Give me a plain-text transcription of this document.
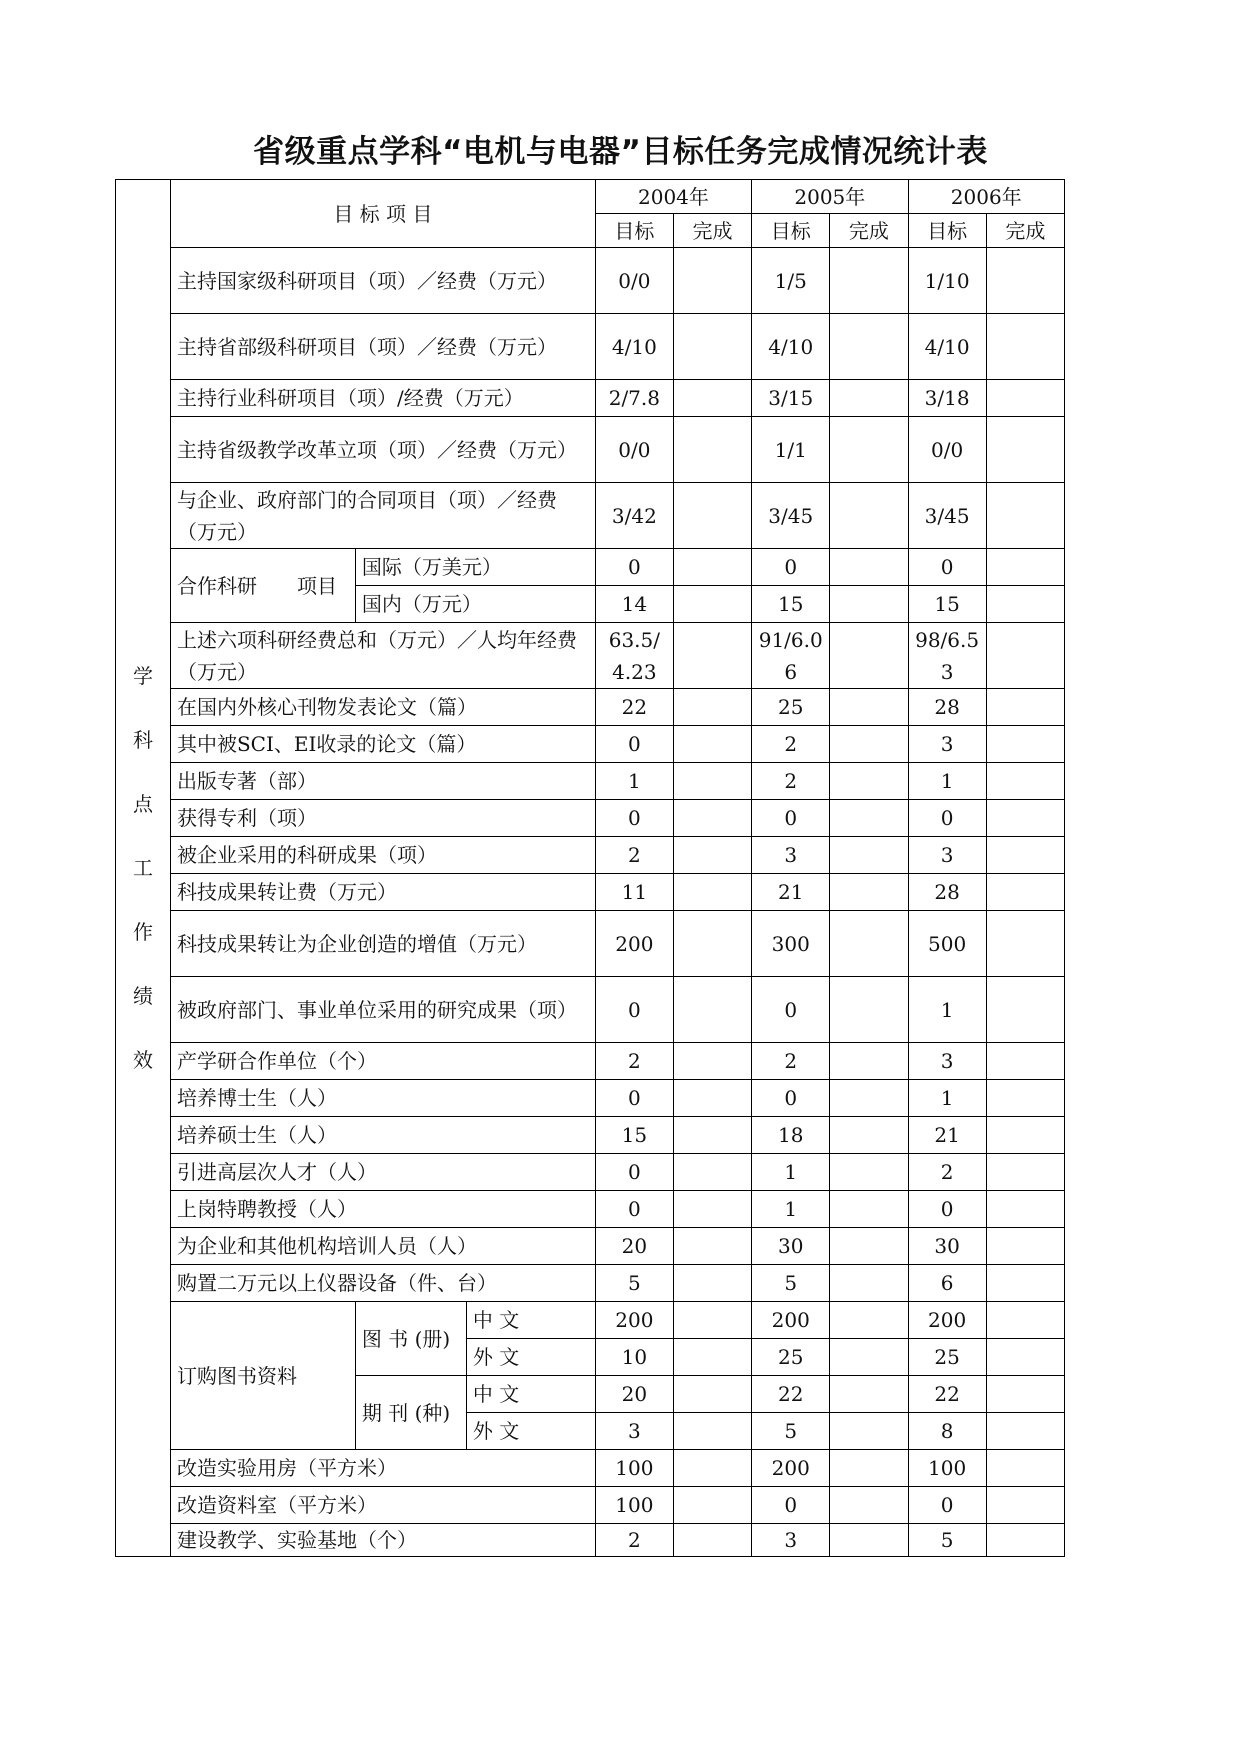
省级重点学科“电机与电器”目标任务完成情况统计表
学科点工作绩效	目 标 项 目			2004年		2005年		2006年	
				目标	完成	目标	完成	目标	完成
	主持国家级科研项目（项）／经费（万元）			0/0		1/5		1/10	
	主持省部级科研项目（项）／经费（万元）			4/10		4/10		4/10	
	主持行业科研项目（项）/经费（万元）			2/7.8		3/15		3/18	
	主持省级教学改革立项（项）／经费（万元）			0/0		1/1		0/0	
	与企业、政府部门的合同项目（项）／经费（万元）			3/42		3/45		3/45	
	合作科研　　项目	国际（万美元）		0		0		0	
		国内（万元）		14		15		15	
	上述六项科研经费总和（万元）／人均年经费（万元）			63.5/4.23		91/6.06		98/6.53	
	在国内外核心刊物发表论文（篇）			22		25		28	
	其中被SCI、EI收录的论文（篇）			0		2		3	
	出版专著（部）			1		2		1	
	获得专利（项）			0		0		0	
	被企业采用的科研成果（项）			2		3		3	
	科技成果转让费（万元）			11		21		28	
	科技成果转让为企业创造的增值（万元）			200		300		500	
	被政府部门、事业单位采用的研究成果（项）			0		0		1	
	产学研合作单位（个）			2		2		3	
	培养博士生（人）			0		0		1	
	培养硕士生（人）			15		18		21	
	引进高层次人才（人）			0		1		2	
	上岗特聘教授（人）			0		1		0	
	为企业和其他机构培训人员（人）			20		30		30	
	购置二万元以上仪器设备（件、台）			5		5		6	
	订购图书资料	图 书 (册)	中 文	200		200		200	
			外 文	10		25		25	
		期 刊 (种)	中 文	20		22		22	
			外 文	3		5		8	
	改造实验用房（平方米）			100		200		100	
	改造资料室（平方米）			100		0		0	
	建设教学、实验基地（个）			2		3		5	
